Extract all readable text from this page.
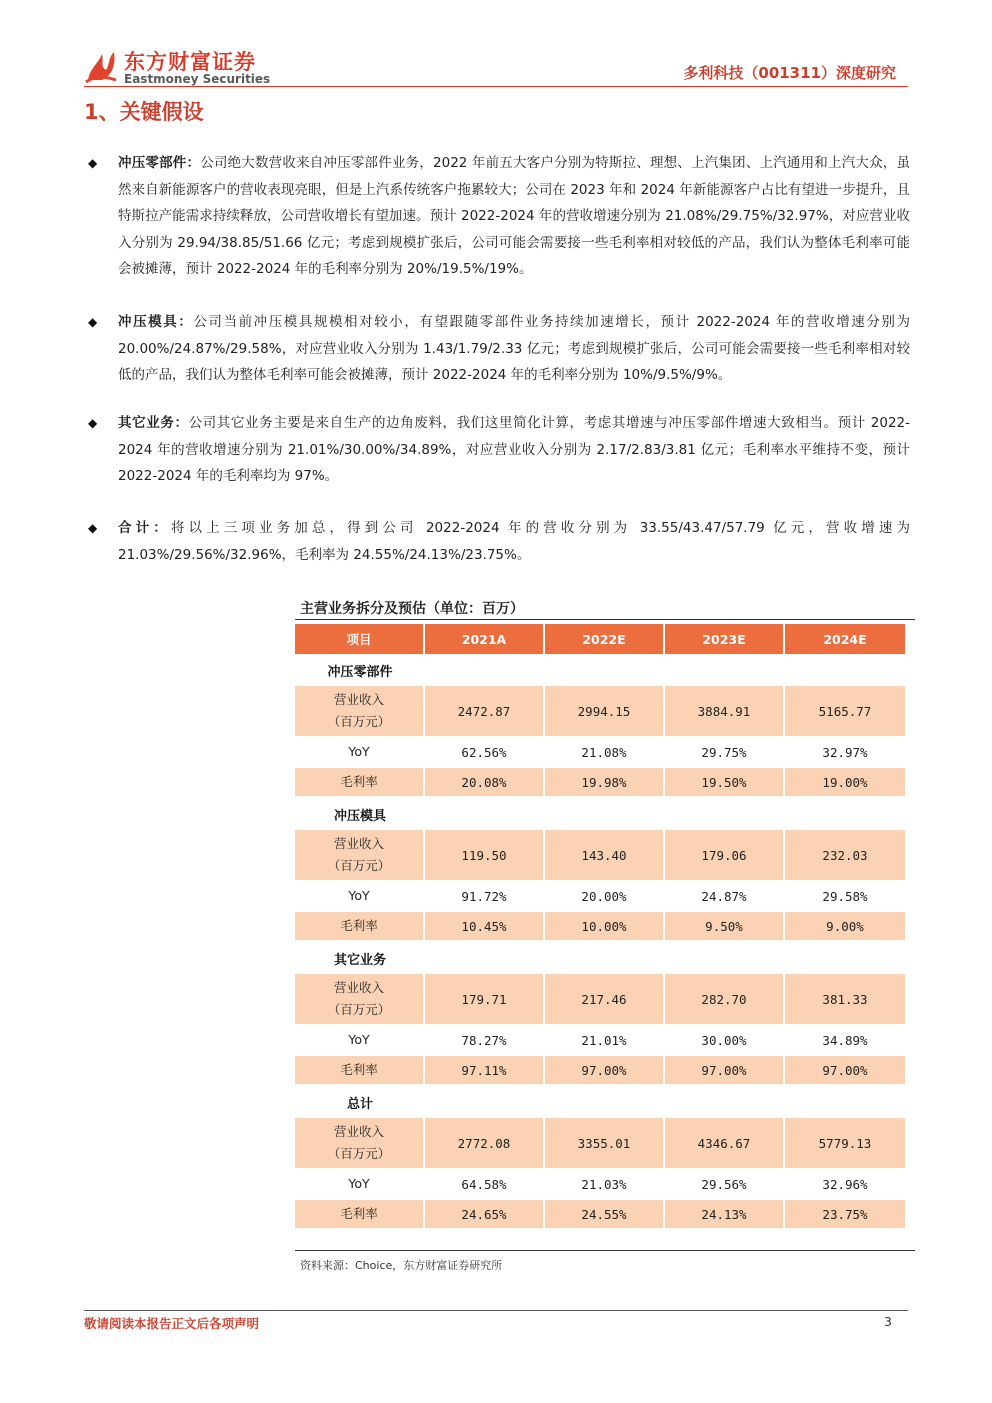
东方财富证券
Eastmoney Securities	多利科技（001311）深度研究
1、关键假设
◆ 冲压零部件：公司绝大数营收来自冲压零部件业务，2022 年前五大客户分别为特斯拉、理想、上汽集团、上汽通用和上汽大众，虽然来自新能源客户的营收表现亮眼，但是上汽系传统客户拖累较大；公司在 2023 年和 2024 年新能源客户占比有望进一步提升，且特斯拉产能需求持续释放，公司营收增长有望加速。预计 2022-2024 年的营收增速分别为 21.08%/29.75%/32.97%，对应营业收入分别为 29.94/38.85/51.66 亿元；考虑到规模扩张后，公司可能会需要接一些毛利率相对较低的产品，我们认为整体毛利率可能会被摊薄，预计 2022-2024 年的毛利率分别为 20%/19.5%/19%。
◆ 冲压模具：公司当前冲压模具规模相对较小，有望跟随零部件业务持续加速增长，预计 2022-2024 年的营收增速分别为 20.00%/24.87%/29.58%，对应营业收入分别为 1.43/1.79/2.33 亿元；考虑到规模扩张后，公司可能会需要接一些毛利率相对较低的产品，我们认为整体毛利率可能会被摊薄，预计 2022-2024 年的毛利率分别为 10%/9.5%/9%。
◆ 其它业务：公司其它业务主要是来自生产的边角废料，我们这里简化计算，考虑其增速与冲压零部件增速大致相当。预计 2022-2024 年的营收增速分别为 21.01%/30.00%/34.89%，对应营业收入分别为 2.17/2.83/3.81 亿元；毛利率水平维持不变，预计 2022-2024 年的毛利率均为 97%。
◆ 合计：将以上三项业务加总，得到公司 2022-2024 年的营收分别为 33.55/43.47/57.79 亿元，营收增速为 21.03%/29.56%/32.96%，毛利率为 24.55%/24.13%/23.75%。
主营业务拆分及预估（单位：百万）
项目	2021A	2022E	2023E	2024E
冲压零部件
营业收入
（百万元）
2472.87	2994.15	3884.91	5165.77
YoY	62.56%	21.08%	29.75%	32.97%
毛利率	20.08%	19.98%	19.50%	19.00%
冲压模具
营业收入
（百万元）
119.50	143.40	179.06	232.03
YoY	91.72%	20.00%	24.87%	29.58%
毛利率	10.45%	10.00%	9.50%	9.00%
其它业务
营业收入
（百万元）
179.71	217.46	282.70	381.33
YoY	78.27%	21.01%	30.00%	34.89%
毛利率	97.11%	97.00%	97.00%	97.00%
总计
营业收入
（百万元）
2772.08	3355.01	4346.67	5779.13
YoY	64.58%	21.03%	29.56%	32.96%
毛利率	24.65%	24.55%	24.13%	23.75%
资料来源：Choice，东方财富证券研究所
敬请阅读本报告正文后各项声明	3
